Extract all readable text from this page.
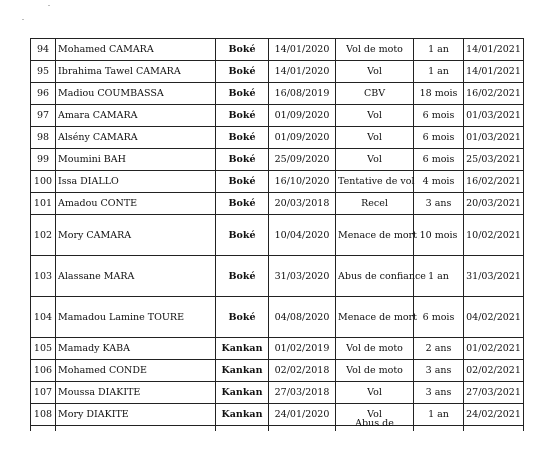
94	Mohamed CAMARA	Boké	14/01/2020	Vol de moto	1 an	14/01/2021
95	Ibrahima Tawel CAMARA	Boké	14/01/2020	Vol	1 an	14/01/2021
96	Madiou COUMBASSA	Boké	16/08/2019	CBV	18 mois	16/02/2021
97	Amara CAMARA	Boké	01/09/2020	Vol	6 mois	01/03/2021
98	Alsény CAMARA	Boké	01/09/2020	Vol	6 mois	01/03/2021
99	Moumini BAH	Boké	25/09/2020	Vol	6 mois	25/03/2021
100	Issa DIALLO	Boké	16/10/2020	Tentative de vol	4 mois	16/02/2021
101	Amadou CONTE	Boké	20/03/2018	Recel	3 ans	20/03/2021
102	Mory CAMARA	Boké	10/04/2020	Menace de mort	10 mois	10/02/2021
103	Alassane MARA	Boké	31/03/2020	Abus de confiance	1 an	31/03/2021
104	Mamadou Lamine TOURE	Boké	04/08/2020	Menace de mort	6 mois	04/02/2021
105	Mamady KABA	Kankan	01/02/2019	Vol de moto	2 ans	01/02/2021
106	Mohamed CONDE	Kankan	02/02/2018	Vol de moto	3 ans	02/02/2021
107	Moussa DIAKITE	Kankan	27/03/2018	Vol	3 ans	27/03/2021
108	Mory DIAKITE	Kankan	24/01/2020	Vol	1 an	24/02/2021

				Abus de		
